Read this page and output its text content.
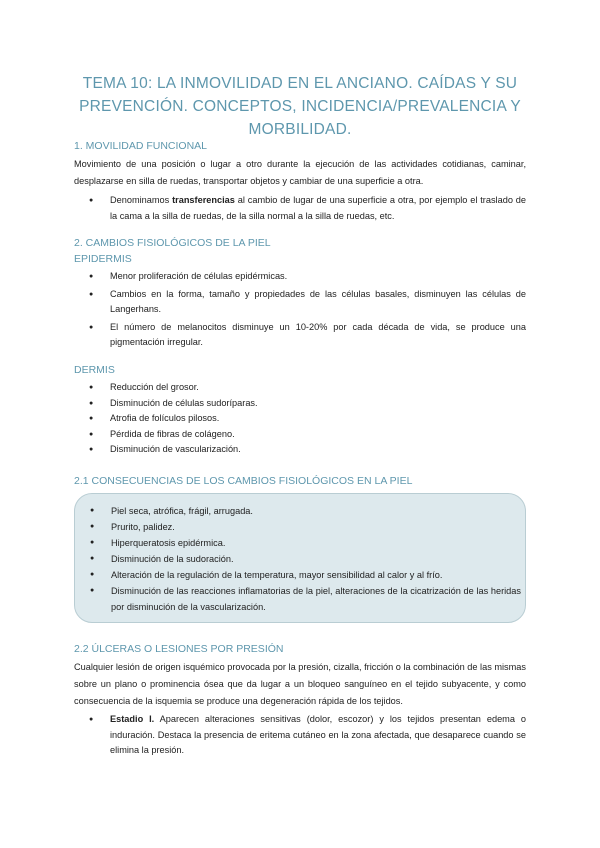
TEMA 10: LA INMOVILIDAD EN EL ANCIANO. CAÍDAS Y SU PREVENCIÓN. CONCEPTOS, INCIDENCIA/PREVALENCIA Y MORBILIDAD.
1. MOVILIDAD FUNCIONAL
Movimiento de una posición o lugar a otro durante la ejecución de las actividades cotidianas, caminar, desplazarse en silla de ruedas, transportar objetos y cambiar de una superficie a otra.
● Denominamos transferencias al cambio de lugar de una superficie a otra, por ejemplo el traslado de la cama a la silla de ruedas, de la silla normal a la silla de ruedas, etc.
2. CAMBIOS FISIOLÓGICOS DE LA PIEL
EPIDERMIS
● Menor proliferación de células epidérmicas.
● Cambios en la forma, tamaño y propiedades de las células basales, disminuyen las células de Langerhans.
● El número de melanocitos disminuye un 10-20% por cada década de vida, se produce una pigmentación irregular.
DERMIS
● Reducción del grosor.
● Disminución de células sudoríparas.
● Atrofia de folículos pilosos.
● Pérdida de fibras de colágeno.
● Disminución de vascularización.
2.1 CONSECUENCIAS DE LOS CAMBIOS FISIOLÓGICOS EN LA PIEL
● Piel seca, atrófica, frágil, arrugada.
● Prurito, palidez.
● Hiperqueratosis epidérmica.
● Disminución de la sudoración.
● Alteración de la regulación de la temperatura, mayor sensibilidad al calor y al frío.
● Disminución de las reacciones inflamatorias de la piel, alteraciones de la cicatrización de las heridas por disminución de la vascularización.
2.2 ÚLCERAS O LESIONES POR PRESIÓN
Cualquier lesión de origen isquémico provocada por la presión, cizalla, fricción o la combinación de las mismas sobre un plano o prominencia ósea que da lugar a un bloqueo sanguíneo en el tejido subyacente, y como consecuencia de la isquemia se produce una degeneración rápida de los tejidos.
● Estadio I. Aparecen alteraciones sensitivas (dolor, escozor) y los tejidos presentan edema o induración. Destaca la presencia de eritema cutáneo en la zona afectada, que desaparece cuando se elimina la presión.
